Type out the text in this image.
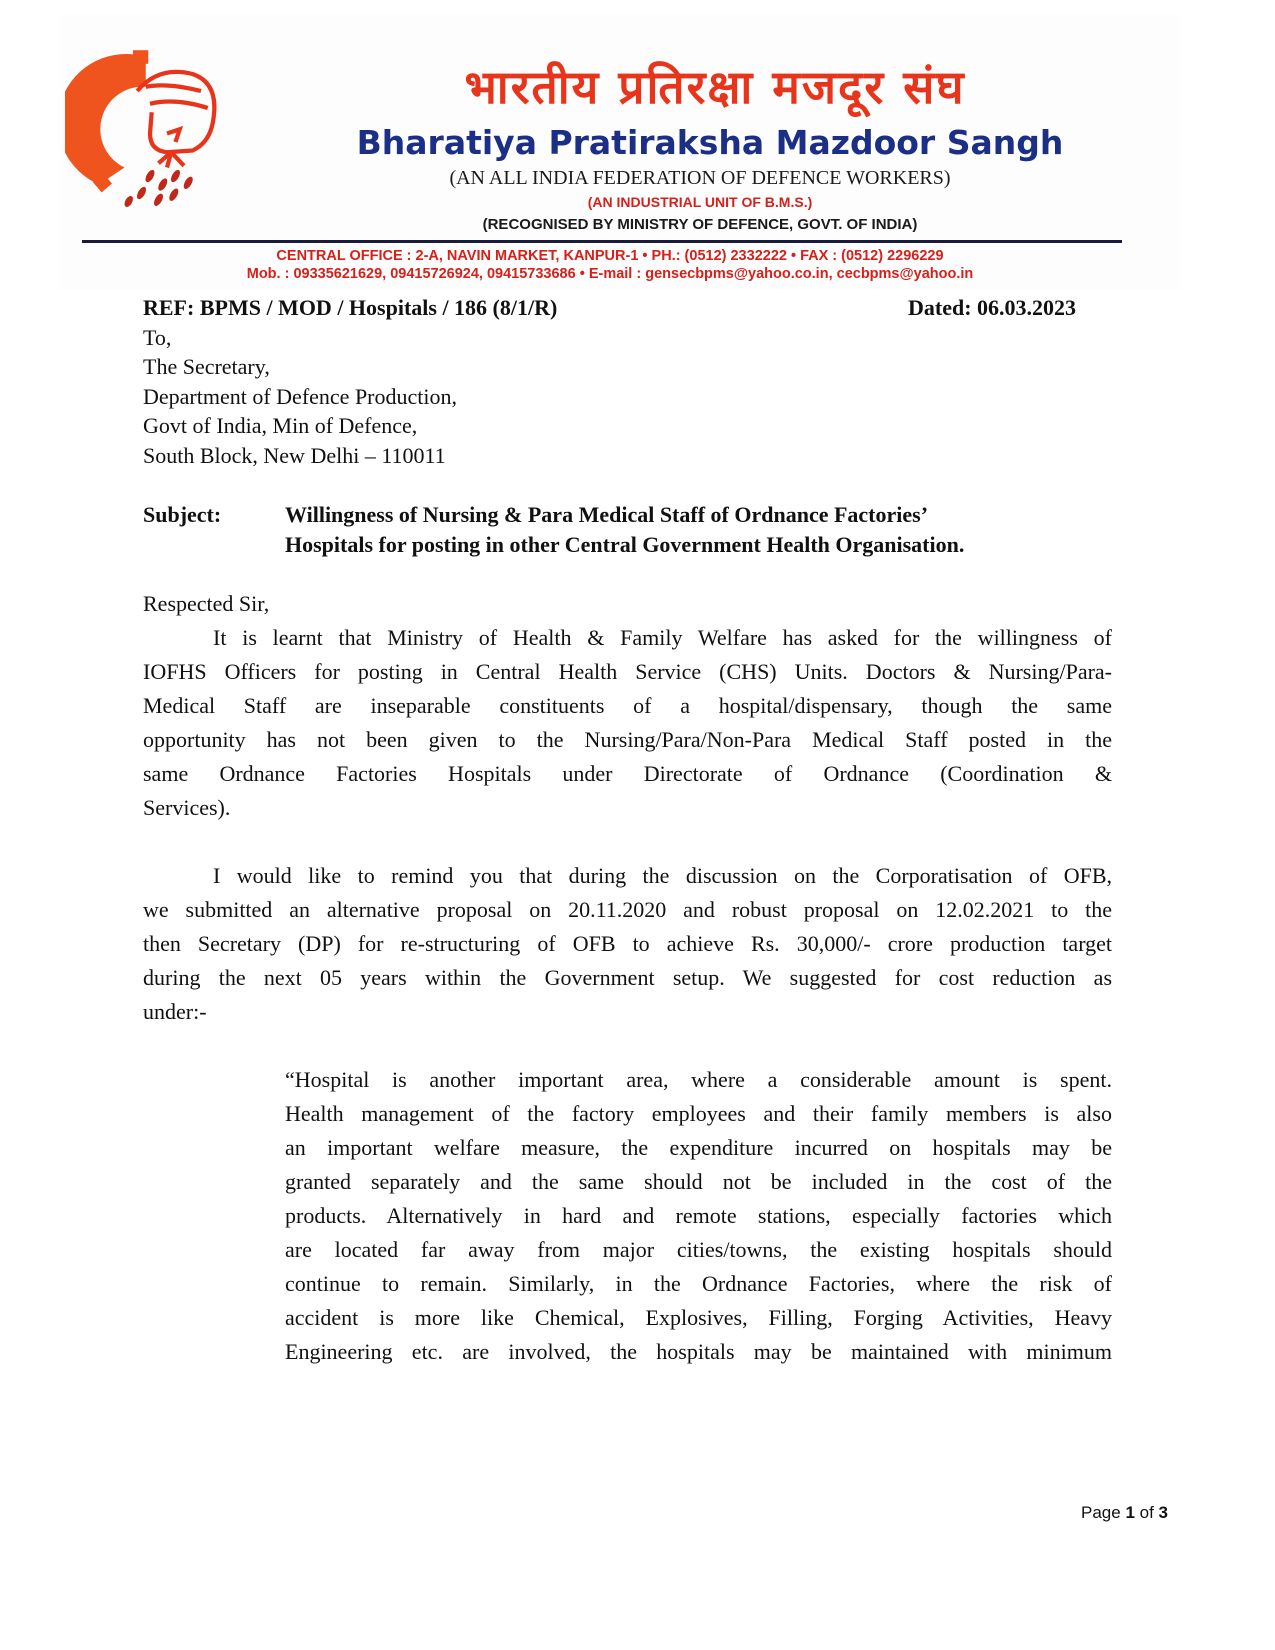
भारतीय प्रतिरक्षा मजदूर संघ
Bharatiya Pratiraksha Mazdoor Sangh
(AN ALL INDIA FEDERATION OF DEFENCE WORKERS)
(AN INDUSTRIAL UNIT OF B.M.S.)
(RECOGNISED BY MINISTRY OF DEFENCE, GOVT. OF INDIA)
CENTRAL OFFICE : 2-A, NAVIN MARKET, KANPUR-1 • PH.: (0512) 2332222 • FAX : (0512) 2296229
Mob. : 09335621629, 09415726924, 09415733686 • E-mail : gensecbpms@yahoo.co.in, cecbpms@yahoo.in
REF: BPMS / MOD / Hospitals / 186 (8/1/R)	Dated: 06.03.2023
To,
The Secretary,
Department of Defence Production,
Govt of India, Min of Defence,
South Block, New Delhi – 110011
Subject:	Willingness of Nursing & Para Medical Staff of Ordnance Factories’
Hospitals for posting in other Central Government Health Organisation.
Respected Sir,
It is learnt that Ministry of Health & Family Welfare has asked for the willingness of
IOFHS Officers for posting in Central Health Service (CHS) Units. Doctors & Nursing/Para-
Medical Staff are inseparable constituents of a hospital/dispensary, though the same
opportunity has not been given to the Nursing/Para/Non-Para Medical Staff posted in the
same Ordnance Factories Hospitals under Directorate of Ordnance (Coordination &
Services).
I would like to remind you that during the discussion on the Corporatisation of OFB,
we submitted an alternative proposal on 20.11.2020 and robust proposal on 12.02.2021 to the
then Secretary (DP) for re-structuring of OFB to achieve Rs. 30,000/- crore production target
during the next 05 years within the Government setup. We suggested for cost reduction as
under:-
“Hospital is another important area, where a considerable amount is spent.
Health management of the factory employees and their family members is also
an important welfare measure, the expenditure incurred on hospitals may be
granted separately and the same should not be included in the cost of the
products. Alternatively in hard and remote stations, especially factories which
are located far away from major cities/towns, the existing hospitals should
continue to remain. Similarly, in the Ordnance Factories, where the risk of
accident is more like Chemical, Explosives, Filling, Forging Activities, Heavy
Engineering etc. are involved, the hospitals may be maintained with minimum
Page 1 of 3
